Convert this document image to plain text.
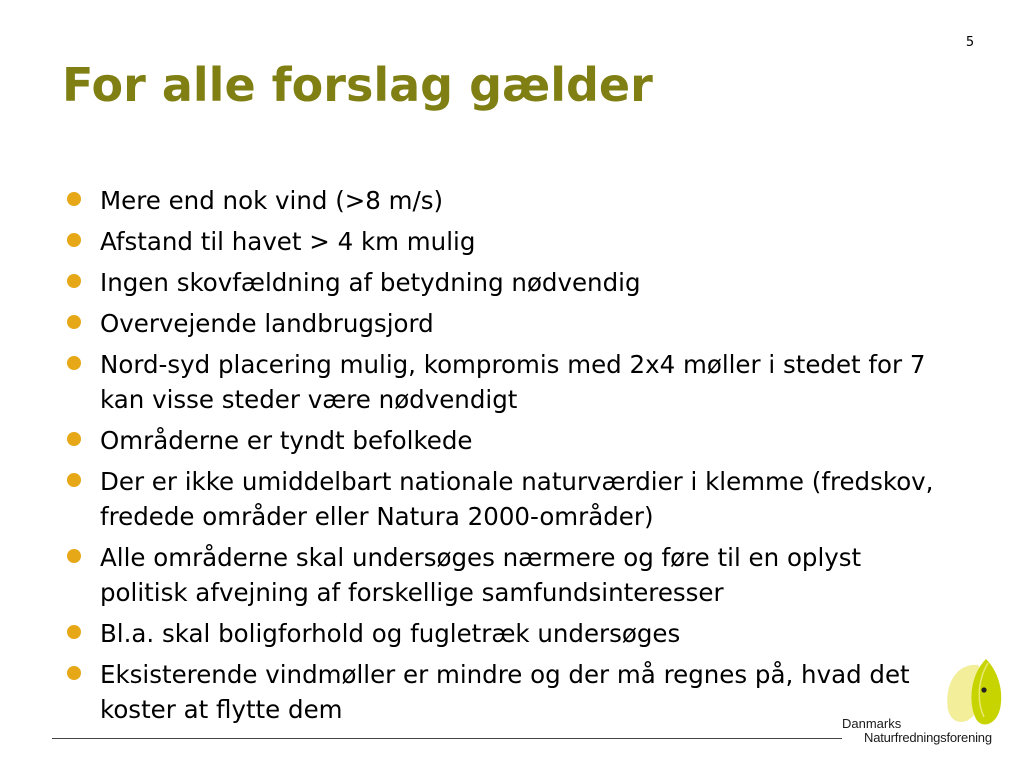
5
For alle forslag gælder
Mere end nok vind (>8 m/s)
Afstand til havet > 4 km mulig
Ingen skovfældning af betydning nødvendig
Overvejende landbrugsjord
Nord-syd placering mulig, kompromis med 2x4 møller i stedet for 7 kan visse steder være nødvendigt
Områderne er tyndt befolkede
Der er ikke umiddelbart nationale naturværdier i klemme (fredskov, fredede områder eller Natura 2000-områder)
Alle områderne skal undersøges nærmere og føre til en oplyst politisk afvejning af forskellige samfundsinteresser
Bl.a. skal boligforhold og fugletræk undersøges
Eksisterende vindmøller er mindre og der må regnes på, hvad det koster at flytte dem	Danmarks
Naturfredningsforening
